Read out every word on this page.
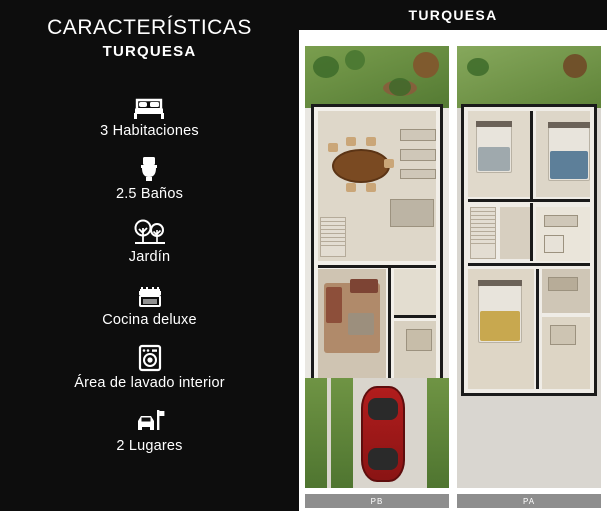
CARACTERÍSTICAS
TURQUESA
3 Habitaciones
2.5 Baños
Jardín
Cocina deluxe
Área de lavado interior
2 Lugares
TURQUESA
PB	PA
